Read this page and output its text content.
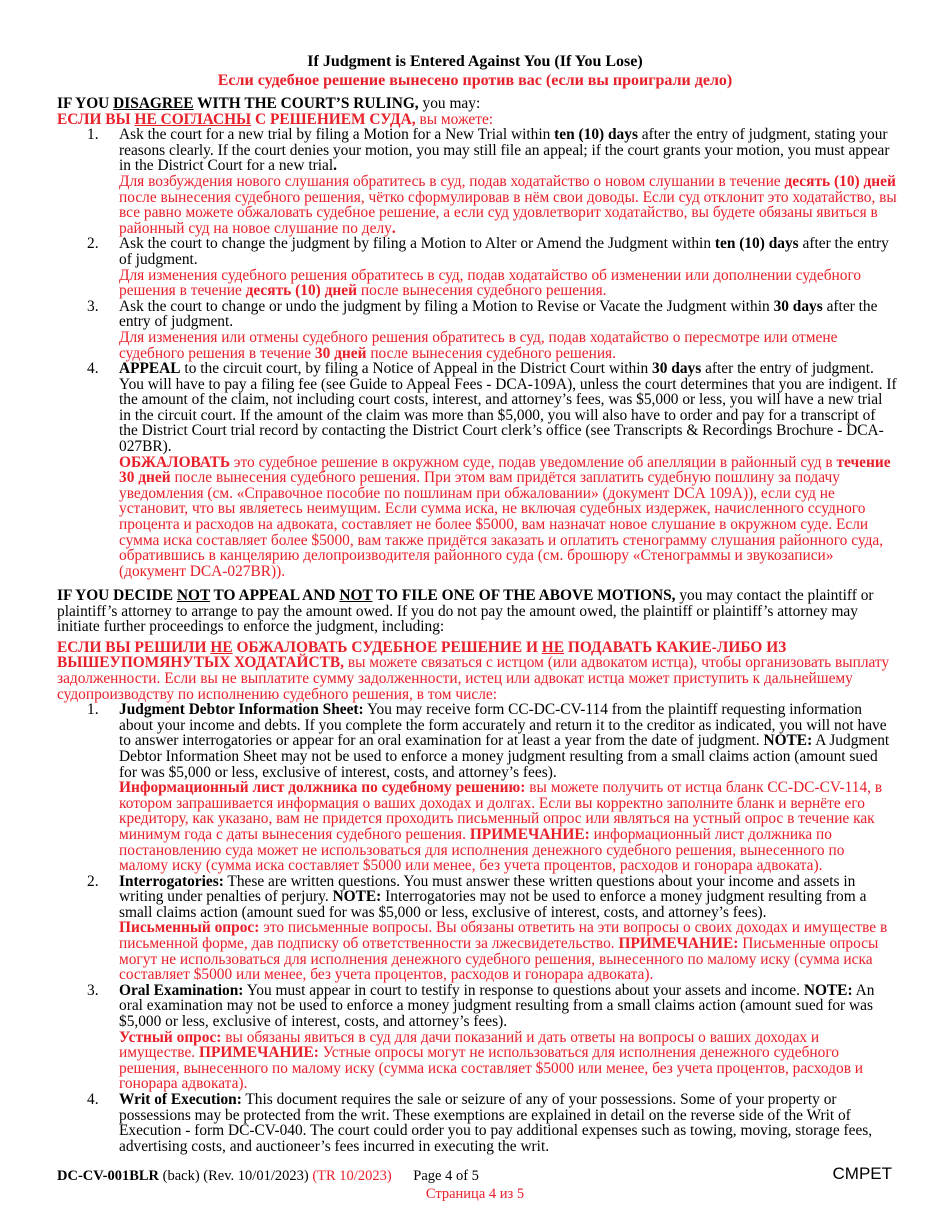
If Judgment is Entered Against You (If You Lose)
Если судебное решение вынесено против вас (если вы проиграли дело)

IF YOU DISAGREE WITH THE COURT’S RULING, you may:

ЕСЛИ ВЫ НЕ СОГЛАСНЫ С РЕШЕНИЕМ СУДА, вы можете:

1. Ask the court for a new trial by filing a Motion for a New Trial within ten (10) days after the entry of judgment, stating your reasons clearly. If the court denies your motion, you may still file an appeal; if the court grants your motion, you must appear in the District Court for a new trial.

Для возбуждения нового слушания обратитесь в суд, подав ходатайство о новом слушании в течение десять (10) дней после вынесения судебного решения, чётко сформулировав в нём свои доводы. Если суд отклонит это ходатайство, вы все равно можете обжаловать судебное решение, а если суд удовлетворит ходатайство, вы будете обязаны явиться в районный суд на новое слушание по делу.

2. Ask the court to change the judgment by filing a Motion to Alter or Amend the Judgment within ten (10) days after the entry of judgment.

Для изменения судебного решения обратитесь в суд, подав ходатайство об изменении или дополнении судебного решения в течение десять (10) дней после вынесения судебного решения.

3. Ask the court to change or undo the judgment by filing a Motion to Revise or Vacate the Judgment within 30 days after the entry of judgment.

Для изменения или отмены судебного решения обратитесь в суд, подав ходатайство о пересмотре или отмене судебного решения в течение 30 дней после вынесения судебного решения.

4. APPEAL to the circuit court, by filing a Notice of Appeal in the District Court within 30 days after the entry of judgment. You will have to pay a filing fee (see Guide to Appeal Fees - DCA-109A), unless the court determines that you are indigent. If the amount of the claim, not including court costs, interest, and attorney’s fees, was $5,000 or less, you will have a new trial in the circuit court. If the amount of the claim was more than $5,000, you will also have to order and pay for a transcript of the District Court trial record by contacting the District Court clerk’s office (see Transcripts & Recordings Brochure - DCA-027BR).

ОБЖАЛОВАТЬ это судебное решение в окружном суде, подав уведомление об апелляции в районный суд в течение 30 дней после вынесения судебного решения. При этом вам придётся заплатить судебную пошлину за подачу уведомления (см. «Справочное пособие по пошлинам при обжаловании» (документ DCA 109A)), если суд не установит, что вы являетесь неимущим. Если сумма иска, не включая судебных издержек, начисленного ссудного процента и расходов на адвоката, составляет не более $5000, вам назначат новое слушание в окружном суде. Если сумма иска составляет более $5000, вам также придётся заказать и оплатить стенограмму слушания районного суда, обратившись в канцелярию делопроизводителя районного суда (см. брошюру «Стенограммы и звукозаписи» (документ DCA-027BR)).

IF YOU DECIDE NOT TO APPEAL AND NOT TO FILE ONE OF THE ABOVE MOTIONS, you may contact the plaintiff or plaintiff’s attorney to arrange to pay the amount owed. If you do not pay the amount owed, the plaintiff or plaintiff’s attorney may initiate further proceedings to enforce the judgment, including:

ЕСЛИ ВЫ РЕШИЛИ НЕ ОБЖАЛОВАТЬ СУДЕБНОЕ РЕШЕНИЕ И НЕ ПОДАВАТЬ КАКИЕ-ЛИБО ИЗ ВЫШЕУПОМЯНУТЫХ ХОДАТАЙСТВ, вы можете связаться с истцом (или адвокатом истца), чтобы организовать выплату задолженности. Если вы не выплатите сумму задолженности, истец или адвокат истца может приступить к дальнейшему судопроизводству по исполнению судебного решения, в том числе:

1. Judgment Debtor Information Sheet: You may receive form CC-DC-CV-114 from the plaintiff requesting information about your income and debts. If you complete the form accurately and return it to the creditor as indicated, you will not have to answer interrogatories or appear for an oral examination for at least a year from the date of judgment. NOTE: A Judgment Debtor Information Sheet may not be used to enforce a money judgment resulting from a small claims action (amount sued for was $5,000 or less, exclusive of interest, costs, and attorney’s fees).

Информационный лист должника по судебному решению: вы можете получить от истца бланк CC-DC-CV-114, в котором запрашивается информация о ваших доходах и долгах. Если вы корректно заполните бланк и вернёте его кредитору, как указано, вам не придется проходить письменный опрос или являться на устный опрос в течение как минимум года с даты вынесения судебного решения. ПРИМЕЧАНИЕ: информационный лист должника по постановлению суда может не использоваться для исполнения денежного судебного решения, вынесенного по малому иску (сумма иска составляет $5000 или менее, без учета процентов, расходов и гонорара адвоката).

2. Interrogatories: These are written questions. You must answer these written questions about your income and assets in writing under penalties of perjury. NOTE: Interrogatories may not be used to enforce a money judgment resulting from a small claims action (amount sued for was $5,000 or less, exclusive of interest, costs, and attorney’s fees).

Письменный опрос: это письменные вопросы. Вы обязаны ответить на эти вопросы о своих доходах и имуществе в письменной форме, дав подписку об ответственности за лжесвидетельство. ПРИМЕЧАНИЕ: Письменные опросы могут не использоваться для исполнения денежного судебного решения, вынесенного по малому иску (сумма иска составляет $5000 или менее, без учета процентов, расходов и гонорара адвоката).

3. Oral Examination: You must appear in court to testify in response to questions about your assets and income. NOTE: An oral examination may not be used to enforce a money judgment resulting from a small claims action (amount sued for was $5,000 or less, exclusive of interest, costs, and attorney’s fees).

Устный опрос: вы обязаны явиться в суд для дачи показаний и дать ответы на вопросы о ваших доходах и имуществе. ПРИМЕЧАНИЕ: Устные опросы могут не использоваться для исполнения денежного судебного решения, вынесенного по малому иску (сумма иска составляет $5000 или менее, без учета процентов, расходов и гонорара адвоката).

4. Writ of Execution: This document requires the sale or seizure of any of your possessions. Some of your property or possessions may be protected from the writ. These exemptions are explained in detail on the reverse side of the Writ of Execution - form DC-CV-040. The court could order you to pay additional expenses such as towing, moving, storage fees, advertising costs, and auctioneer’s fees incurred in executing the writ.

DC-CV-001BLR (back) (Rev. 10/01/2023) (TR 10/2023) Page 4 of 5	CMPET
Страница 4 из 5
